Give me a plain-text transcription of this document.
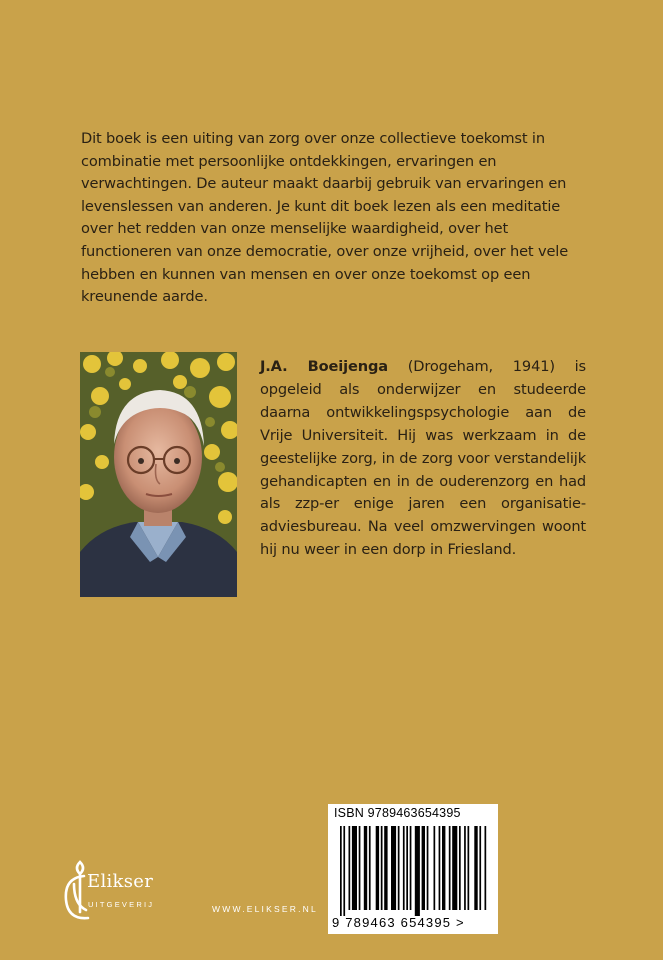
Dit boek is een uiting van zorg over onze collectieve toekomst in combinatie met persoonlijke ontdekkingen, ervaringen en verwachtingen. De auteur maakt daarbij gebruik van ervaringen en levenslessen van anderen. Je kunt dit boek lezen als een meditatie over het redden van onze menselijke waardigheid, over het functioneren van onze democratie, over onze vrijheid, over het vele hebben en kunnen van mensen en over onze toekomst op een kreunende aarde.

J.A. Boeijenga (Drogeham, 1941) is opgeleid als onderwijzer en studeerde daarna ontwikkelingspsychologie aan de Vrije Universiteit. Hij was werkzaam in de geestelijke zorg, in de zorg voor verstandelijk gehandicapten en in de ouderenzorg en had als zzp-er enige jaren een organisatie-adviesbureau. Na veel omzwervingen woont hij nu weer in een dorp in Friesland.
ISBN 9789463654395
9 789463 654395 >
Elikser
UITGEVERIJ	WWW.ELIKSER.NL
